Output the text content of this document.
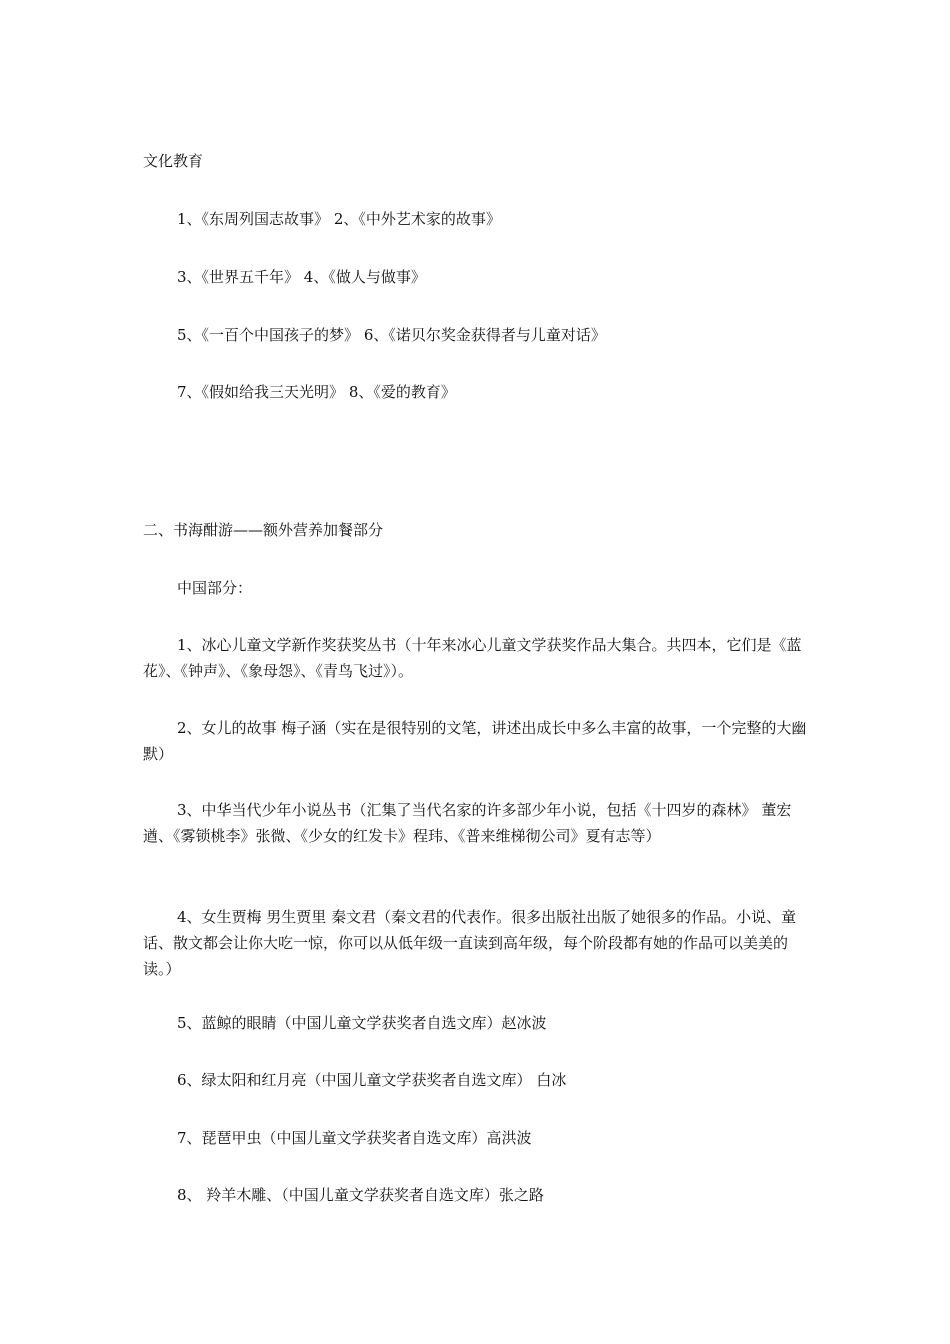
文化教育

1、《东周列国志故事》 2、《中外艺术家的故事》

3、《世界五千年》 4、《做人与做事》

5、《一百个中国孩子的梦》 6、《诺贝尔奖金获得者与儿童对话》

7、《假如给我三天光明》 8、《爱的教育》

二、书海酣游——额外营养加餐部分

中国部分：

1、冰心儿童文学新作奖获奖丛书（十年来冰心儿童文学获奖作品大集合。共四本，它们是《蓝花》、《钟声》、《象母怨》、《青鸟飞过》）。

2、女儿的故事 梅子涵（实在是很特别的文笔，讲述出成长中多么丰富的故事，一个完整的大幽默）

3、中华当代少年小说丛书（汇集了当代名家的许多部少年小说，包括《十四岁的森林》 董宏遒、《雾锁桃李》张微、《少女的红发卡》程玮、《普来维梯彻公司》夏有志等）

4、女生贾梅 男生贾里 秦文君（秦文君的代表作。很多出版社出版了她很多的作品。小说、童话、散文都会让你大吃一惊，你可以从低年级一直读到高年级，每个阶段都有她的作品可以美美的读。）

5、蓝鲸的眼睛（中国儿童文学获奖者自选文库）赵冰波

6、绿太阳和红月亮（中国儿童文学获奖者自选文库） 白冰

7、琵琶甲虫（中国儿童文学获奖者自选文库）高洪波

8、 羚羊木雕、（中国儿童文学获奖者自选文库）张之路
